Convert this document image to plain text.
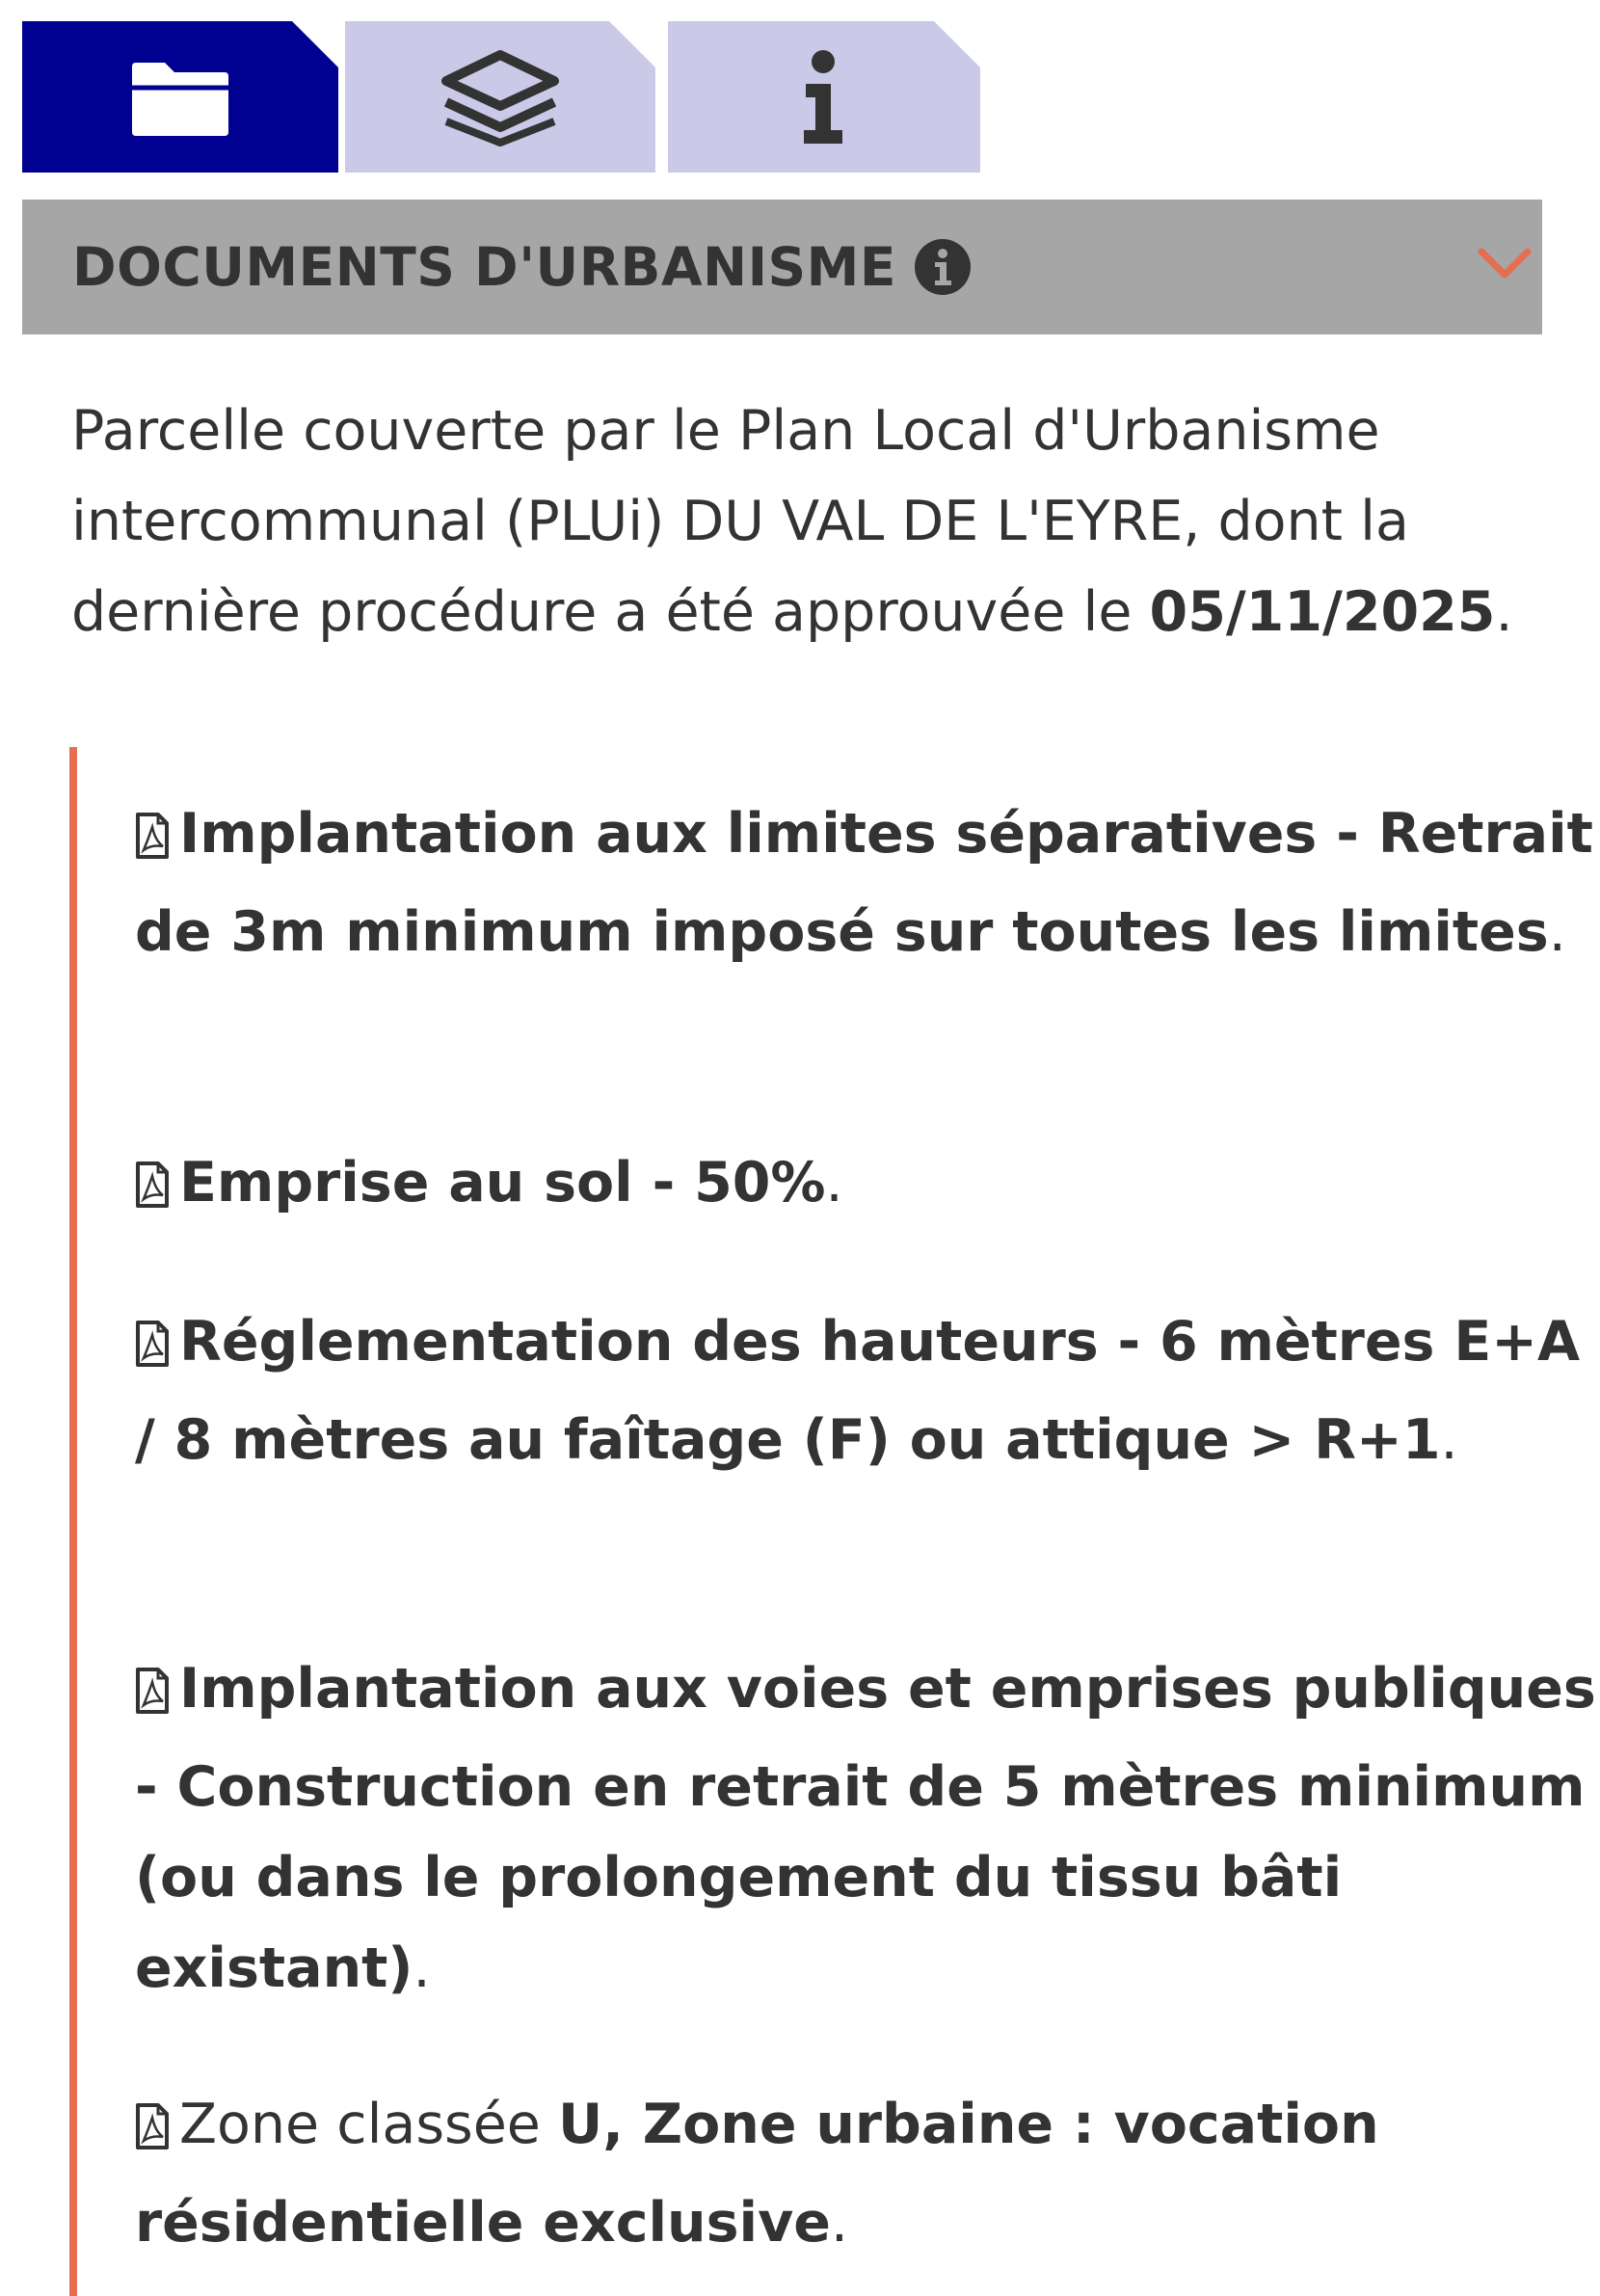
DOCUMENTS D'URBANISME

Parcelle couverte par le Plan Local d'Urbanisme intercommunal (PLUi) DU VAL DE L'EYRE, dont la dernière procédure a été approuvée le 05/11/2025.

Implantation aux limites séparatives - Retrait de 3m minimum imposé sur toutes les limites.

Emprise au sol - 50%.

Réglementation des hauteurs - 6 mètres E+A / 8 mètres au faîtage (F) ou attique > R+1.

Implantation aux voies et emprises publiques - Construction en retrait de 5 mètres minimum (ou dans le prolongement du tissu bâti existant).

Zone classée U, Zone urbaine : vocation résidentielle exclusive.
